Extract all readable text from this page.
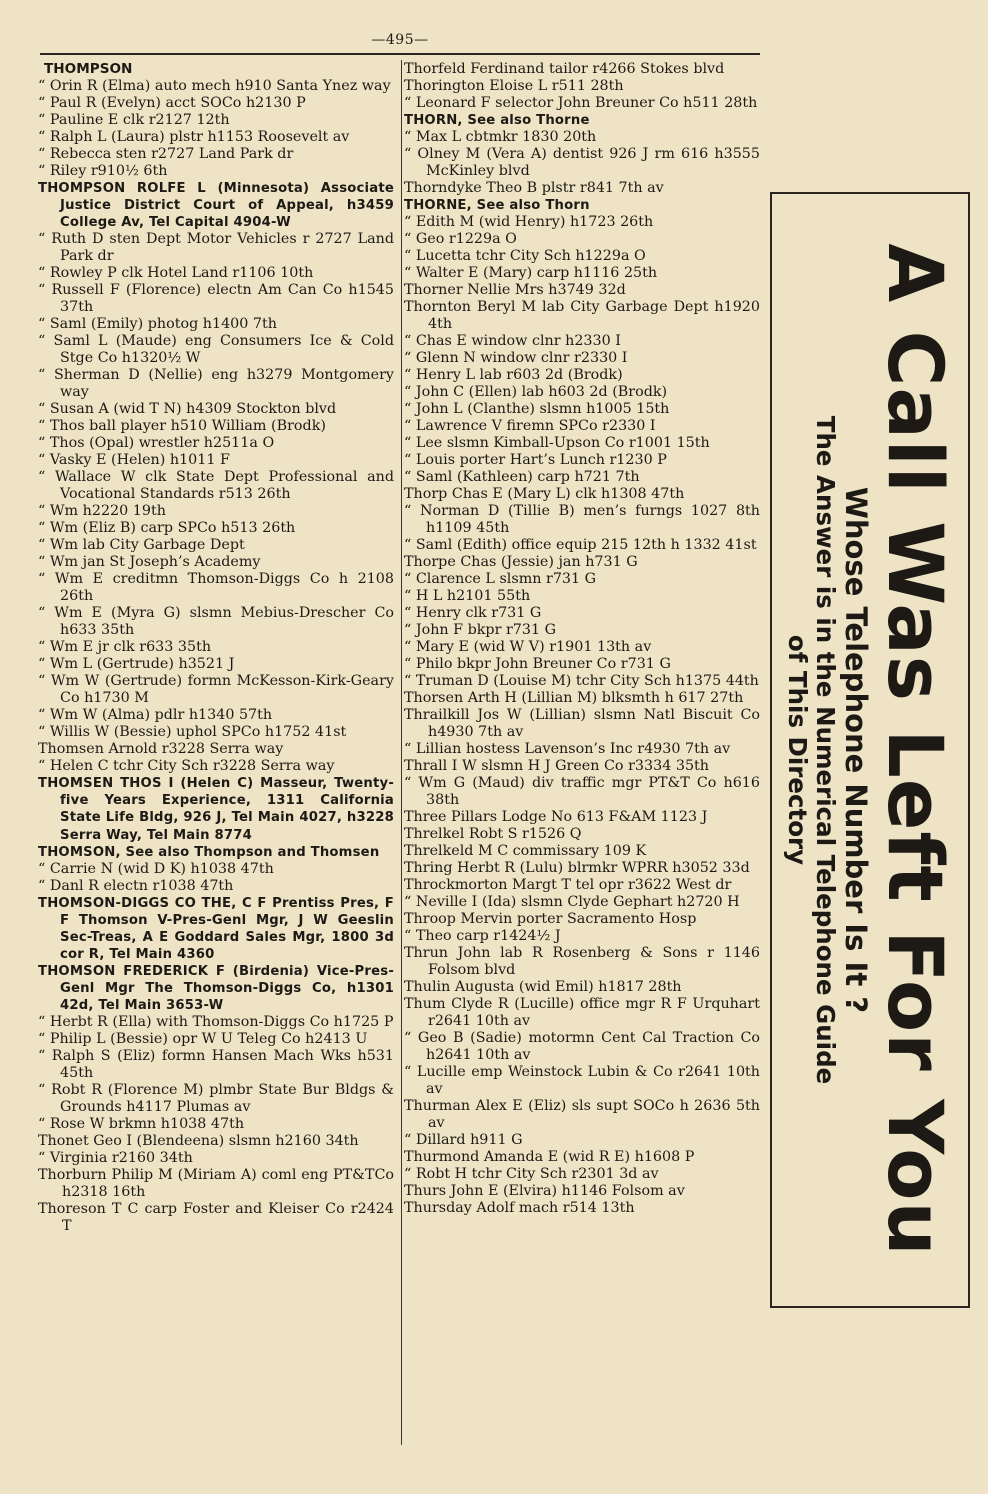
—495—
THOMPSON
“ Orin R (Elma) auto mech h910 Santa Ynez way
“ Paul R (Evelyn) acct SOCo h2130 P
“ Pauline E clk r2127 12th
“ Ralph L (Laura) plstr h1153 Roosevelt av
“ Rebecca sten r2727 Land Park dr
“ Riley r910½ 6th
THOMPSON ROLFE L (Minnesota) Associate Justice District Court of Appeal, h3459 College Av, Tel Capital 4904-W
“ Ruth D sten Dept Motor Vehicles r 2727 Land Park dr
“ Rowley P clk Hotel Land r1106 10th
“ Russell F (Florence) electn Am Can Co h1545 37th
“ Saml (Emily) photog h1400 7th
“ Saml L (Maude) eng Consumers Ice & Cold Stge Co h1320½ W
“ Sherman D (Nellie) eng h3279 Montgomery way
“ Susan A (wid T N) h4309 Stockton blvd
“ Thos ball player h510 William (Brodk)
“ Thos (Opal) wrestler h2511a O
“ Vasky E (Helen) h1011 F
“ Wallace W clk State Dept Professional and Vocational Standards r513 26th
“ Wm h2220 19th
“ Wm (Eliz B) carp SPCo h513 26th
“ Wm lab City Garbage Dept
“ Wm jan St Joseph’s Academy
“ Wm E creditmn Thomson-Diggs Co h 2108 26th
“ Wm E (Myra G) slsmn Mebius-Drescher Co h633 35th
“ Wm E jr clk r633 35th
“ Wm L (Gertrude) h3521 J
“ Wm W (Gertrude) formn McKesson-Kirk-Geary Co h1730 M
“ Wm W (Alma) pdlr h1340 57th
“ Willis W (Bessie) uphol SPCo h1752 41st
Thomsen Arnold r3228 Serra way
“ Helen C tchr City Sch r3228 Serra way
THOMSEN THOS I (Helen C) Masseur, Twenty-five Years Experience, 1311 California State Life Bldg, 926 J, Tel Main 4027, h3228 Serra Way, Tel Main 8774
THOMSON, See also Thompson and Thomsen
“ Carrie N (wid D K) h1038 47th
“ Danl R electn r1038 47th
THOMSON-DIGGS CO THE, C F Prentiss Pres, F F Thomson V-Pres-Genl Mgr, J W Geeslin Sec-Treas, A E Goddard Sales Mgr, 1800 3d cor R, Tel Main 4360
THOMSON FREDERICK F (Birdenia) Vice-Pres-Genl Mgr The Thomson-Diggs Co, h1301 42d, Tel Main 3653-W
“ Herbt R (Ella) with Thomson-Diggs Co h1725 P
“ Philip L (Bessie) opr W U Teleg Co h2413 U
“ Ralph S (Eliz) formn Hansen Mach Wks h531 45th
“ Robt R (Florence M) plmbr State Bur Bldgs & Grounds h4117 Plumas av
“ Rose W brkmn h1038 47th
Thonet Geo I (Blendeena) slsmn h2160 34th
“ Virginia r2160 34th
Thorburn Philip M (Miriam A) coml eng PT&TCo h2318 16th
Thoreson T C carp Foster and Kleiser Co r2424 T
Thorfeld Ferdinand tailor r4266 Stokes blvd
Thorington Eloise L r511 28th
“ Leonard F selector John Breuner Co h511 28th
THORN, See also Thorne
“ Max L cbtmkr 1830 20th
“ Olney M (Vera A) dentist 926 J rm 616 h3555 McKinley blvd
Thorndyke Theo B plstr r841 7th av
THORNE, See also Thorn
“ Edith M (wid Henry) h1723 26th
“ Geo r1229a O
“ Lucetta tchr City Sch h1229a O
“ Walter E (Mary) carp h1116 25th
Thorner Nellie Mrs h3749 32d
Thornton Beryl M lab City Garbage Dept h1920 4th
“ Chas E window clnr h2330 I
“ Glenn N window clnr r2330 I
“ Henry L lab r603 2d (Brodk)
“ John C (Ellen) lab h603 2d (Brodk)
“ John L (Clanthe) slsmn h1005 15th
“ Lawrence V firemn SPCo r2330 I
“ Lee slsmn Kimball-Upson Co r1001 15th
“ Louis porter Hart’s Lunch r1230 P
“ Saml (Kathleen) carp h721 7th
Thorp Chas E (Mary L) clk h1308 47th
“ Norman D (Tillie B) men’s furngs 1027 8th h1109 45th
“ Saml (Edith) office equip 215 12th h 1332 41st
Thorpe Chas (Jessie) jan h731 G
“ Clarence L slsmn r731 G
“ H L h2101 55th
“ Henry clk r731 G
“ John F bkpr r731 G
“ Mary E (wid W V) r1901 13th av
“ Philo bkpr John Breuner Co r731 G
“ Truman D (Louise M) tchr City Sch h1375 44th
Thorsen Arth H (Lillian M) blksmth h 617 27th
Thrailkill Jos W (Lillian) slsmn Natl Biscuit Co h4930 7th av
“ Lillian hostess Lavenson’s Inc r4930 7th av
Thrall I W slsmn H J Green Co r3334 35th
“ Wm G (Maud) div traffic mgr PT&T Co h616 38th
Three Pillars Lodge No 613 F&AM 1123 J
Threlkel Robt S r1526 Q
Threlkeld M C commissary 109 K
Thring Herbt R (Lulu) blrmkr WPRR h3052 33d
Throckmorton Margt T tel opr r3622 West dr
“ Neville I (Ida) slsmn Clyde Gephart h2720 H
Throop Mervin porter Sacramento Hosp
“ Theo carp r1424½ J
Thrun John lab R Rosenberg & Sons r 1146 Folsom blvd
Thulin Augusta (wid Emil) h1817 28th
Thum Clyde R (Lucille) office mgr R F Urquhart r2641 10th av
“ Geo B (Sadie) motormn Cent Cal Traction Co h2641 10th av
“ Lucille emp Weinstock Lubin & Co r2641 10th av
Thurman Alex E (Eliz) sls supt SOCo h 2636 5th av
“ Dillard h911 G
Thurmond Amanda E (wid R E) h1608 P
“ Robt H tchr City Sch r2301 3d av
Thurs John E (Elvira) h1146 Folsom av
Thursday Adolf mach r514 13th	A Call Was Left For You
Whose Telephone Number Is It ?
The Answer is in the Numerical Telephone Guide
of This Directory
